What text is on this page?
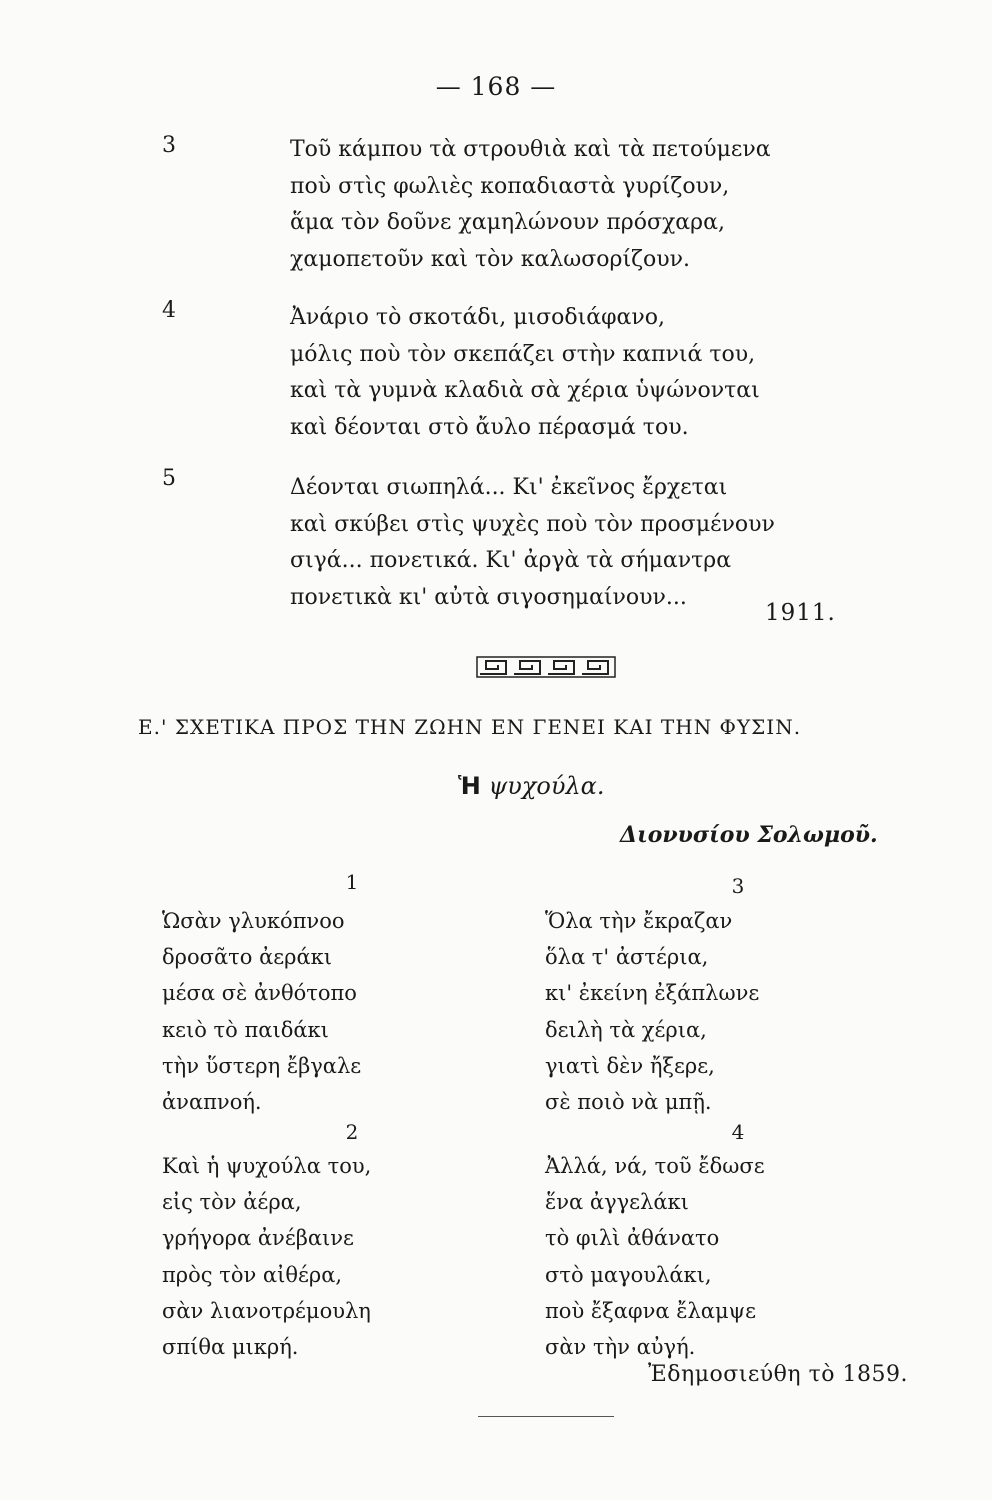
— 168 —
3	Τοῦ κάμπου τὰ στρουθιὰ καὶ τὰ πετούμενα
ποὺ στὶς φωλιὲς κοπαδιαστὰ γυρίζουν,
ἅμα τὸν δοῦνε χαμηλώνουν πρόσχαρα,
χαμοπετοῦν καὶ τὸν καλωσορίζουν.
4	Ἀνάριο τὸ σκοτάδι, μισοδιάφανο,
μόλις ποὺ τὸν σκεπάζει στὴν καπνιά του,
καὶ τὰ γυμνὰ κλαδιὰ σὰ χέρια ὑψώνονται
καὶ δέονται στὸ ἄυλο πέρασμά του.
5	Δέονται σιωπηλά... Κι' ἐκεῖνος ἔρχεται
καὶ σκύβει στὶς ψυχὲς ποὺ τὸν προσμένουν
σιγά... πονετικά. Κι' ἀργὰ τὰ σήμαντρα
πονετικὰ κι' αὐτὰ σιγοσημαίνουν...
1911.
Ε.' ΣΧΕΤΙΚΑ ΠΡΟΣ ΤΗΝ ΖΩΗΝ ΕΝ ΓΕΝΕΙ ΚΑΙ ΤΗΝ ΦΥΣΙΝ.
Ἡ ψυχούλα.
Διονυσίου Σολωμοῦ.
1
Ὡσὰν γλυκόπνοο
δροσᾶτο ἀεράκι
μέσα σὲ ἀνθότοπο
κειὸ τὸ παιδάκι
τὴν ὕστερη ἔβγαλε
ἀναπνοή.
3
Ὅλα τὴν ἔκραζαν
ὅλα τ' ἀστέρια,
κι' ἐκείνη ἐξάπλωνε
δειλὴ τὰ χέρια,
γιατὶ δὲν ἤξερε,
σὲ ποιὸ νὰ μπῇ.
2
Καὶ ἡ ψυχούλα του,
εἰς τὸν ἀέρα,
γρήγορα ἀνέβαινε
πρὸς τὸν αἰθέρα,
σὰν λιανοτρέμουλη
σπίθα μικρή.
4
Ἀλλά, νά, τοῦ ἔδωσε
ἕνα ἀγγελάκι
τὸ φιλὶ ἀθάνατο
στὸ μαγουλάκι,
ποὺ ἔξαφνα ἔλαμψε
σὰν τὴν αὐγή.
Ἐδημοσιεύθη τὸ 1859.
